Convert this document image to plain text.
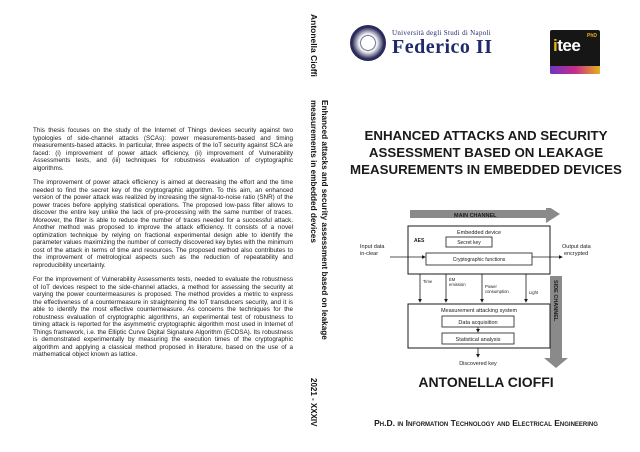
This thesis focuses on the study of the Internet of Things devices security against two typologies of side-channel attacks (SCAs): power measurements-based and timing measurements-based attacks. In particular, three aspects of the IoT security against SCA are faced: (i) improvement of power attack efficiency, (ii) improvement of Vulnerability Assessments tests, and (iii) techniques for robustness evaluation of cryptographic algorithms.

The improvement of power attack efficiency is aimed at decreasing the effort and the time needed to find the secret key of the cryptographic algorithm. To this aim, an enhanced version of the power attack was realized by increasing the signal-to-noise ratio (SNR) of the power traces before applying statistical operations. The proposed low-pass filter allows to discover the entire key unlike the lack of pre-processing with the same number of traces. Moreover, the filter is able to reduce the number of traces needed for a successful attack. Another method was proposed to improve the attack efficiency. It consists of a novel optimization technique by relying on fractional experimental design able to identify the parameter values maximizing the number of correctly discovered key bytes with the minimum cost of the attack in terms of time and resources. The proposed method also contributes to the improvement of metrological aspects such as the reduction of repeatability and reproducibility uncertainty.

For the improvement of Vulnerability Assessments tests, needed to evaluate the robustness of IoT devices respect to the side-channel attacks, a method for assessing the security at varying the power countermeasures is proposed. The method provides a metric to express the effectiveness of a countermeasure in straightening the IoT transducers security, and it is able to identify the most effective countermeasure. As concerns the techniques for the robustness evaluation of cryptographic algorithms, an experimental test of robustness to timing attack is reported for the asymmetric cryptographic algorithm most used in Internet of Things framework, i.e. the Elliptic Curve Digital Signature Algorithm (ECDSA). Its robustness is demonstrated experimentally by measuring the execution times of the cryptographic algorithm and applying a classical method proposed in literature, based on the use of a mathematical object known as lattice.

Antonella Cioffi
Enhanced attacks and security assessment based on leakage measurements in embedded devices
2021 - XXXIV
Università degli Studi di Napoli
Federico II	PhD
itee
ENHANCED ATTACKS AND SECURITY ASSESSMENT BASED ON LEAKAGE MEASUREMENTS IN EMBEDDED DEVICES
MAIN CHANNEL
SIDE CHANNEL
Embedded device
AES	Secret key
Cryptographic functions
Input data
in-clear
Output data
encrypted
Time	EM
emission	Power
consumption	Light
Measurement attacking system
Data acquisition
Statistical analysis
Discovered key
ANTONELLA CIOFFI
Ph.D. in Information Technology and Electrical Engineering
